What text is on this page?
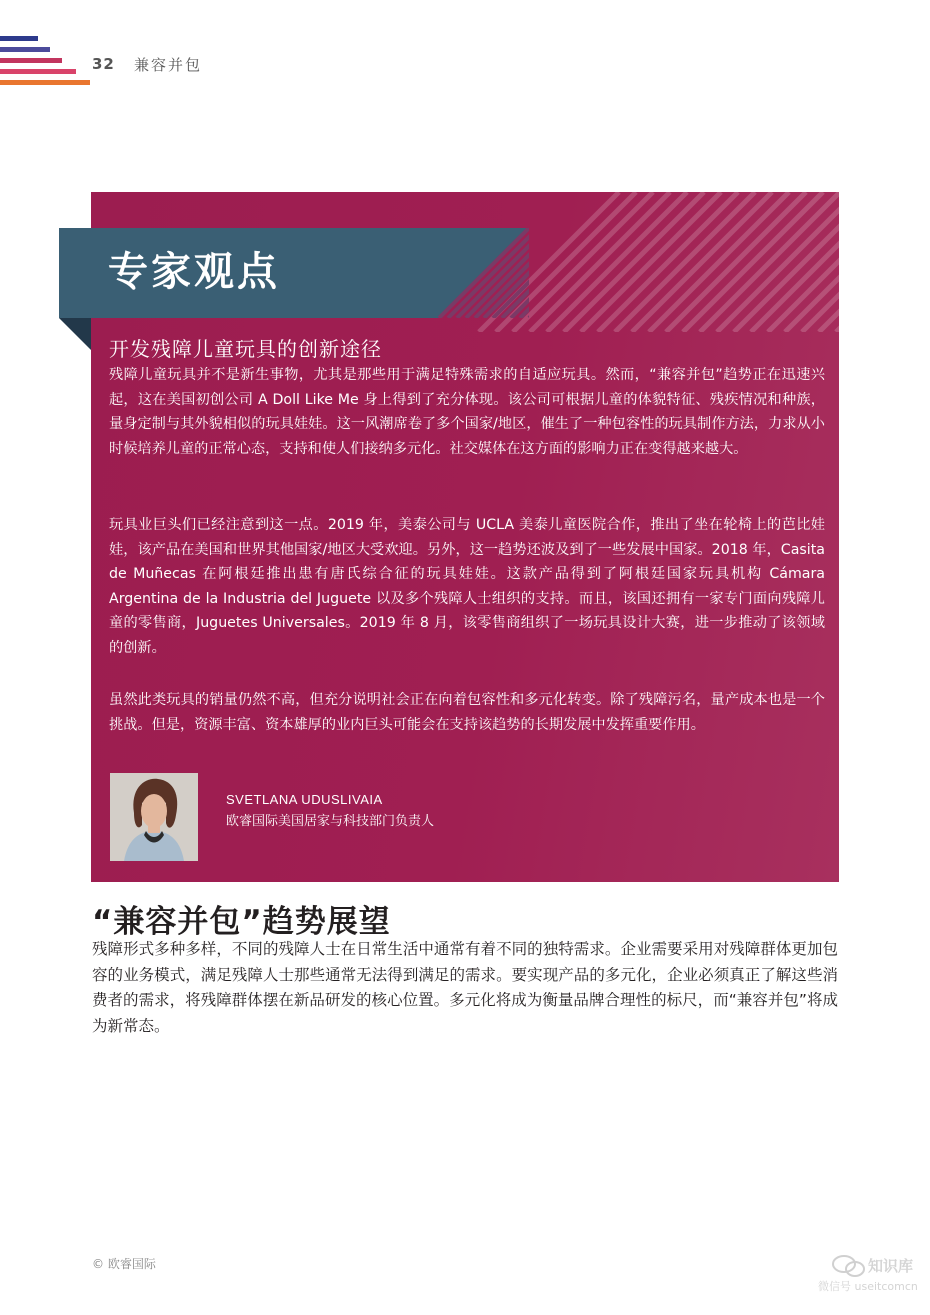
32 兼容并包
专家观点
开发残障儿童玩具的创新途径

残障儿童玩具并不是新生事物，尤其是那些用于满足特殊需求的自适应玩具。然而，“兼容并包”趋势正在迅速兴起，这在美国初创公司 A Doll Like Me 身上得到了充分体现。该公司可根据儿童的体貌特征、残疾情况和种族，量身定制与其外貌相似的玩具娃娃。这一风潮席卷了多个国家/地区，催生了一种包容性的玩具制作方法，力求从小时候培养儿童的正常心态，支持和使人们接纳多元化。社交媒体在这方面的影响力正在变得越来越大。

玩具业巨头们已经注意到这一点。2019 年，美泰公司与 UCLA 美泰儿童医院合作，推出了坐在轮椅上的芭比娃娃，该产品在美国和世界其他国家/地区大受欢迎。另外，这一趋势还波及到了一些发展中国家。2018 年，Casita de Muñecas 在阿根廷推出患有唐氏综合征的玩具娃娃。这款产品得到了阿根廷国家玩具机构 Cámara Argentina de la Industria del Juguete 以及多个残障人士组织的支持。而且，该国还拥有一家专门面向残障儿童的零售商，Juguetes Universales。2019 年 8 月，该零售商组织了一场玩具设计大赛，进一步推动了该领域的创新。

虽然此类玩具的销量仍然不高，但充分说明社会正在向着包容性和多元化转变。除了残障污名，量产成本也是一个挑战。但是，资源丰富、资本雄厚的业内巨头可能会在支持该趋势的长期发展中发挥重要作用。

SVETLANA UDUSLIVAIA
欧睿国际美国居家与科技部门负责人
“兼容并包”趋势展望

残障形式多种多样，不同的残障人士在日常生活中通常有着不同的独特需求。企业需要采用对残障群体更加包容的业务模式，满足残障人士那些通常无法得到满足的需求。要实现产品的多元化，企业必须真正了解这些消费者的需求，将残障群体摆在新品研发的核心位置。多元化将成为衡量品牌合理性的标尺，而“兼容并包”将成为新常态。

© 欧睿国际	知识库
微信号 useitcomcn
